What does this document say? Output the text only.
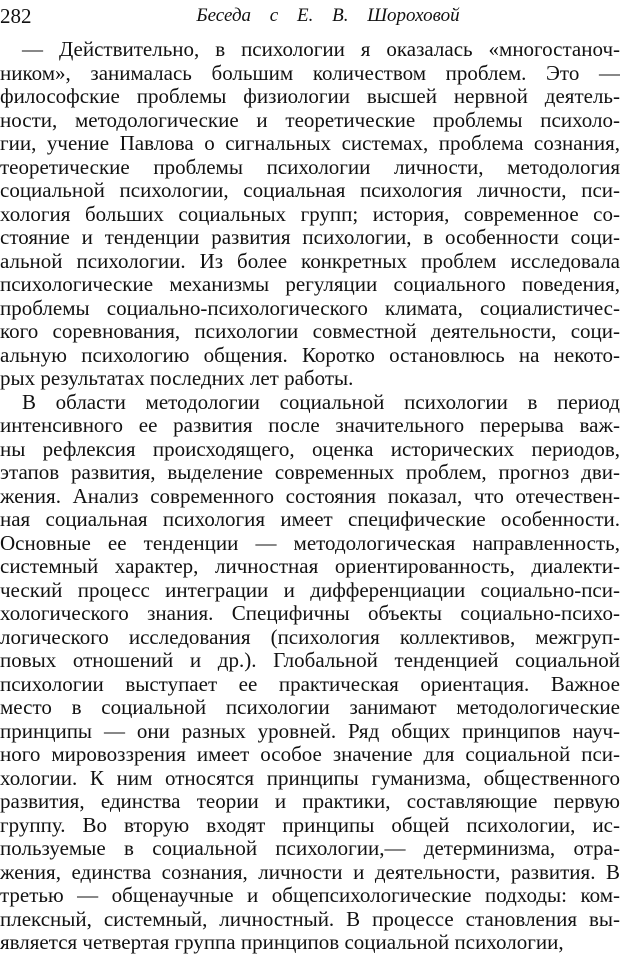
282	Беседа с Е. В. Шороховой
— Действительно, в психологии я оказалась «многостаноч-
ником», занималась большим количеством проблем. Это —
философские проблемы физиологии высшей нервной деятель-
ности, методологические и теоретические проблемы психоло-
гии, учение Павлова о сигнальных системах, проблема сознания,
теоретические проблемы психологии личности, методология
социальной психологии, социальная психология личности, пси-
хология больших социальных групп; история, современное со-
стояние и тенденции развития психологии, в особенности соци-
альной психологии. Из более конкретных проблем исследовала
психологические механизмы регуляции социального поведения,
проблемы социально-психологического климата, социалистичес-
кого соревнования, психологии совместной деятельности, соци-
альную психологию общения. Коротко остановлюсь на некото-
рых результатах последних лет работы.
В области методологии социальной психологии в период
интенсивного ее развития после значительного перерыва важ-
ны рефлексия происходящего, оценка исторических периодов,
этапов развития, выделение современных проблем, прогноз дви-
жения. Анализ современного состояния показал, что отечествен-
ная социальная психология имеет специфические особенности.
Основные ее тенденции — методологическая направленность,
системный характер, личностная ориентированность, диалекти-
ческий процесс интеграции и дифференциации социально-пси-
хологического знания. Специфичны объекты социально-психо-
логического исследования (психология коллективов, межгруп-
повых отношений и др.). Глобальной тенденцией социальной
психологии выступает ее практическая ориентация. Важное
место в социальной психологии занимают методологические
принципы — они разных уровней. Ряд общих принципов науч-
ного мировоззрения имеет особое значение для социальной пси-
хологии. К ним относятся принципы гуманизма, общественного
развития, единства теории и практики, составляющие первую
группу. Во вторую входят принципы общей психологии, ис-
пользуемые в социальной психологии,— детерминизма, отра-
жения, единства сознания, личности и деятельности, развития. В
третью — общенаучные и общепсихологические подходы: ком-
плексный, системный, личностный. В процессе становления вы-
является четвертая группа принципов социальной психологии,
